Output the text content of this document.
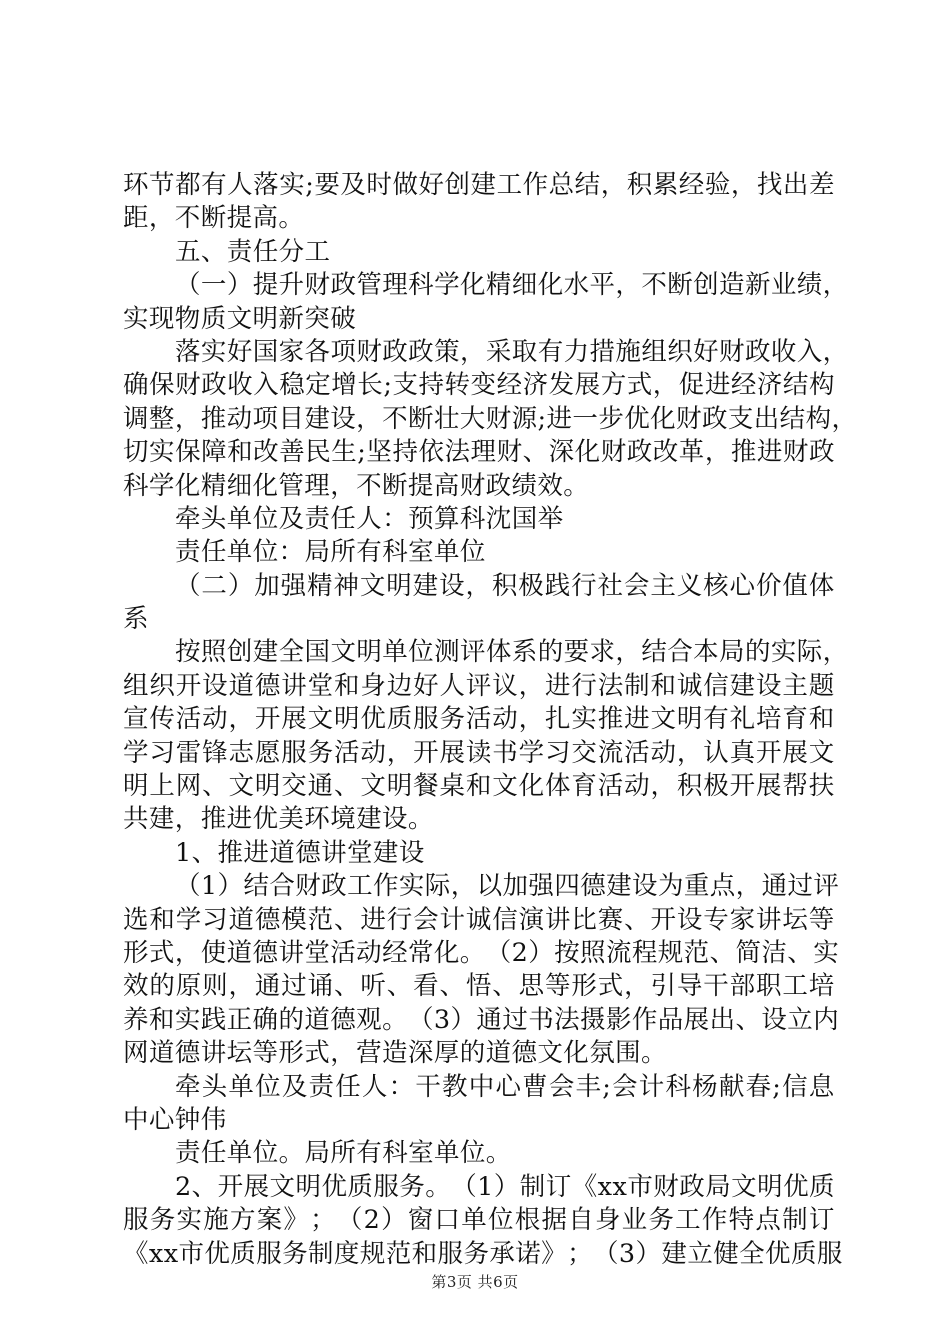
环 节 都 有 人 落 实 ; 要 及 时 做 好 创 建 工 作 总 结 ， 积 累 经 验 ， 找 出 差
距，不断提高。
五、责任分工
（ 一 ） 提 升 财 政 管 理 科 学 化 精 细 化 水 平 ， 不 断 创 造 新 业 绩 ，
实现物质文明新突破
落 实 好 国 家 各 项 财 政 政 策 ， 采 取 有 力 措 施 组 织 好 财 政 收 入 ，
确 保 财 政 收 入 稳 定 增 长 ; 支 持 转 变 经 济 发 展 方 式 ， 促 进 经 济 结 构
调 整 ， 推 动 项 目 建 设 ， 不 断 壮 大 财 源 ; 进 一 步 优 化 财 政 支 出 结 构 ，
切 实 保 障 和 改 善 民 生 ; 坚 持 依 法 理 财 、 深 化 财 政 改 革 ， 推 进 财 政
科学化精细化管理，不断提高财政绩效。
牵头单位及责任人：预算科沈国举
责任单位：局所有科室单位
（ 二 ） 加 强 精 神 文 明 建 设 ， 积 极 践 行 社 会 主 义 核 心 价 值 体
系
按 照 创 建 全 国 文 明 单 位 测 评 体 系 的 要 求 ， 结 合 本 局 的 实 际 ，
组 织 开 设 道 德 讲 堂 和 身 边 好 人 评 议 ， 进 行 法 制 和 诚 信 建 设 主 题
宣 传 活 动 ， 开 展 文 明 优 质 服 务 活 动 ， 扎 实 推 进 文 明 有 礼 培 育 和
学 习 雷 锋 志 愿 服 务 活 动 ， 开 展 读 书 学 习 交 流 活 动 ， 认 真 开 展 文
明 上 网 、 文 明 交 通 、 文 明 餐 桌 和 文 化 体 育 活 动 ， 积 极 开 展 帮 扶
共建，推进优美环境建设。
1、推进道德讲堂建设
（ 1 ） 结 合 财 政 工 作 实 际 ， 以 加 强 四 德 建 设 为 重 点 ， 通 过 评
选 和 学 习 道 德 模 范 、 进 行 会 计 诚 信 演 讲 比 赛 、 开 设 专 家 讲 坛 等
形 式 ， 使 道 德 讲 堂 活 动 经 常 化 。 （ 2 ） 按 照 流 程 规 范 、 简 洁 、 实
效 的 原 则 ， 通 过 诵 、 听 、 看 、 悟 、 思 等 形 式 ， 引 导 干 部 职 工 培
养 和 实 践 正 确 的 道 德 观 。 （ 3 ） 通 过 书 法 摄 影 作 品 展 出 、 设 立 内
网道德讲坛等形式，营造深厚的道德文化氛围。
牵 头 单 位 及 责 任 人 ： 干 教 中 心 曹 会 丰 ; 会 计 科 杨 献 春 ; 信 息
中心钟伟
责任单位。局所有科室单位。
2 、 开 展 文 明 优 质 服 务 。 （ 1 ） 制 订 《 x x 市 财 政 局 文 明 优 质
服 务 实 施 方 案 》 ； （ 2 ） 窗 口 单 位 根 据 自 身 业 务 工 作 特 点 制 订
《 x x 市 优 质 服 务 制 度 规 范 和 服 务 承 诺 》 ； （ 3 ） 建 立 健 全 优 质 服
第3页 共6页
